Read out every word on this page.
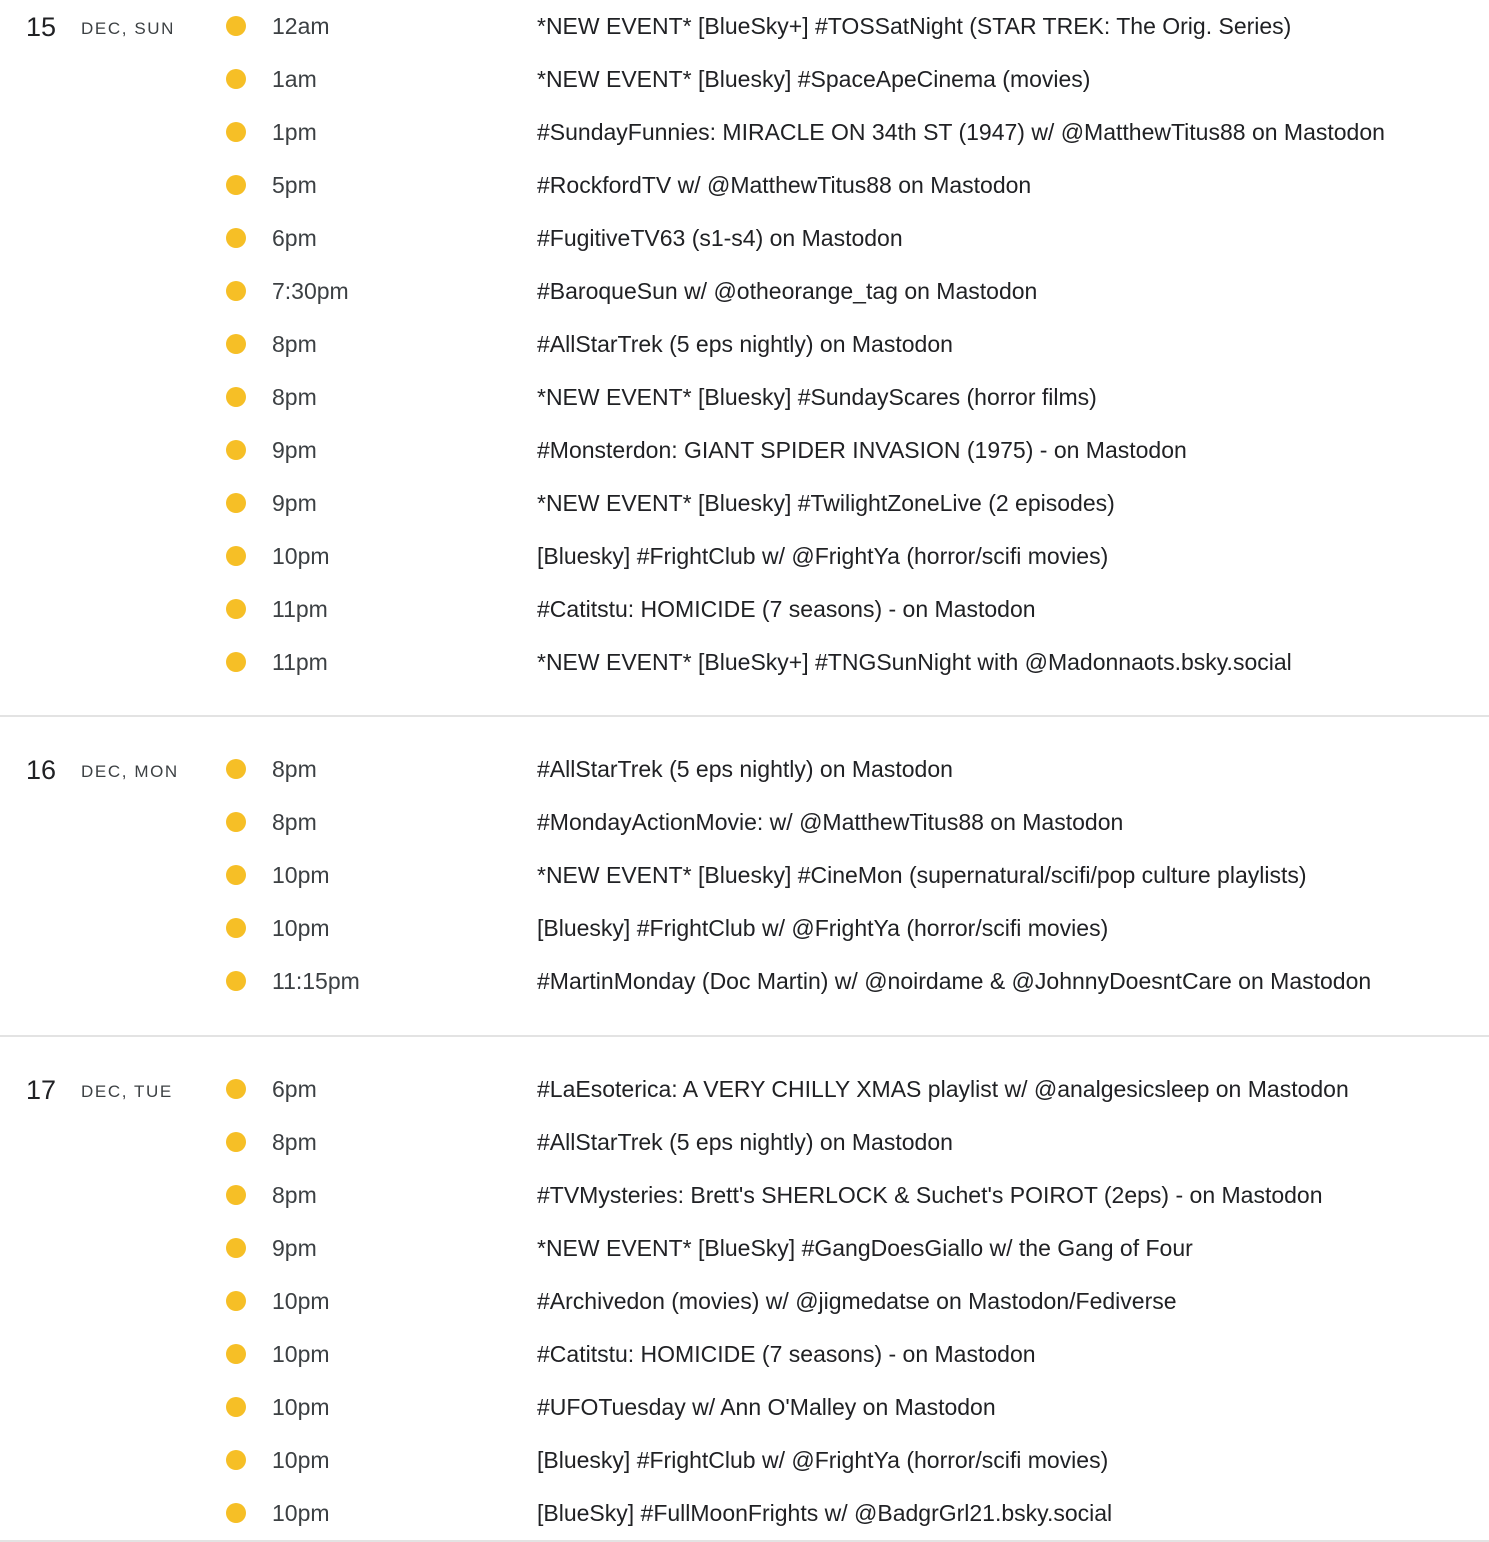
15 DEC, SUN	12am	*NEW EVENT* [BlueSky+] #TOSSatNight (STAR TREK: The Orig. Series)
1am	*NEW EVENT* [Bluesky] #SpaceApeCinema (movies)
1pm	#SundayFunnies: MIRACLE ON 34th ST (1947) w/ @MatthewTitus88 on Mastodon
5pm	#RockfordTV w/ @MatthewTitus88 on Mastodon
6pm	#FugitiveTV63 (s1-s4) on Mastodon
7:30pm	#BaroqueSun w/ @otheorange_tag on Mastodon
8pm	#AllStarTrek (5 eps nightly) on Mastodon
8pm	*NEW EVENT* [Bluesky] #SundayScares (horror films)
9pm	#Monsterdon: GIANT SPIDER INVASION (1975) - on Mastodon
9pm	*NEW EVENT* [Bluesky] #TwilightZoneLive (2 episodes)
10pm	[Bluesky] #FrightClub w/ @FrightYa (horror/scifi movies)
11pm	#Catitstu: HOMICIDE (7 seasons) - on Mastodon
11pm	*NEW EVENT* [BlueSky+] #TNGSunNight with @Madonnaots.bsky.social
16 DEC, MON	8pm	#AllStarTrek (5 eps nightly) on Mastodon
8pm	#MondayActionMovie: w/ @MatthewTitus88 on Mastodon
10pm	*NEW EVENT* [Bluesky] #CineMon (supernatural/scifi/pop culture playlists)
10pm	[Bluesky] #FrightClub w/ @FrightYa (horror/scifi movies)
11:15pm	#MartinMonday (Doc Martin) w/ @noirdame & @JohnnyDoesntCare on Mastodon
17 DEC, TUE	6pm	#LaEsoterica: A VERY CHILLY XMAS playlist w/ @analgesicsleep on Mastodon
8pm	#AllStarTrek (5 eps nightly) on Mastodon
8pm	#TVMysteries: Brett's SHERLOCK & Suchet's POIROT (2eps) - on Mastodon
9pm	*NEW EVENT* [BlueSky] #GangDoesGiallo w/ the Gang of Four
10pm	#Archivedon (movies) w/ @jigmedatse on Mastodon/Fediverse
10pm	#Catitstu: HOMICIDE (7 seasons) - on Mastodon
10pm	#UFOTuesday w/ Ann O'Malley on Mastodon
10pm	[Bluesky] #FrightClub w/ @FrightYa (horror/scifi movies)
10pm	[BlueSky] #FullMoonFrights w/ @BadgrGrl21.bsky.social
